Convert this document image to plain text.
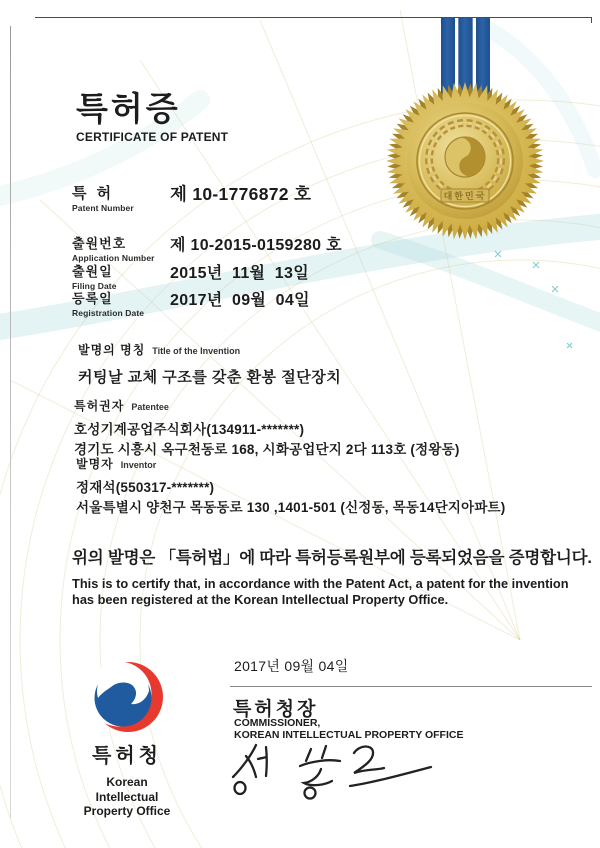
대한민국
특허증
CERTIFICATE OF PATENT
특 허
Patent Number
제 10-1776872 호
출원번호
Application Number
제 10-2015-0159280 호
출원일
Filing Date
2015년  11월  13일
등록일
Registration Date
2017년  09월  04일
발명의 명칭 Title of the Invention
커팅날 교체 구조를 갖춘 환봉 절단장치
특허권자 Patentee
호성기계공업주식회사(134911-*******)
경기도 시흥시 옥구천동로 168, 시화공업단지 2다 113호 (정왕동)
발명자 Inventor
정재석(550317-*******)
서울특별시 양천구 목동동로 130 ,1401-501 (신정동, 목동14단지아파트)
위의 발명은 「특허법」에 따라 특허등록원부에 등록되었음을 증명합니다.
This is to certify that, in accordance with the Patent Act, a patent for the invention
has been registered at the Korean Intellectual Property Office.
특허청
Korean Intellectual
Property Office
2017년 09월 04일
특허청장
COMMISSIONER,
KOREAN INTELLECTUAL PROPERTY OFFICE
